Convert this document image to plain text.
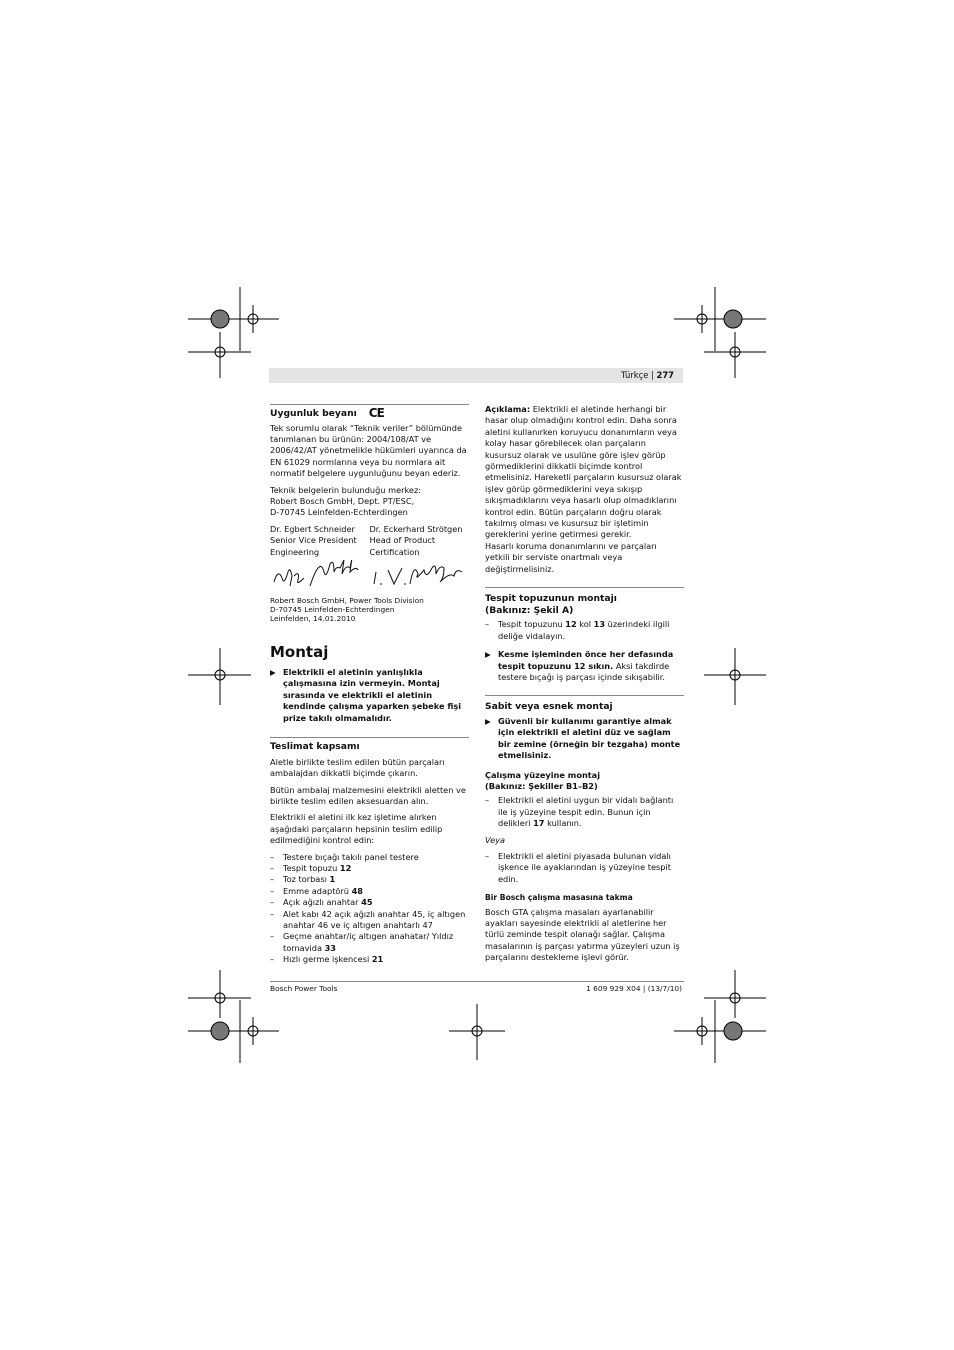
Türkçe | 277
Uygunluk beyanı CE

Tek sorumlu olarak “Teknik veriler” bölümünde tanımlanan bu ürünün: 2004/108/AT ve 2006/42/AT yönetmelikle hükümleri uyarınca da EN 61029 normlarına veya bu normlara ait normatif belgelere uygunluğunu beyan ederiz.

Teknik belgelerin bulunduğu merkez:
Robert Bosch GmbH, Dept. PT/ESC,
D-70745 Leinfelden-Echterdingen

Dr. Egbert Schneider
Senior Vice President
Engineering
Dr. Eckerhard Strötgen
Head of Product
Certification
Robert Bosch GmbH, Power Tools Division
D-70745 Leinfelden-Echterdingen
Leinfelden, 14.01.2010
Montaj
▶ Elektrikli el aletinin yanlışlıkla çalışmasına izin vermeyin. Montaj sırasında ve elektrikli el aletinin kendinde çalışma yaparken şebeke fişi prize takılı olmamalıdır.
Teslimat kapsamı

Aletle birlikte teslim edilen bütün parçaları ambalajdan dikkatli biçimde çıkarın.

Bütün ambalaj malzemesini elektrikli aletten ve birlikte teslim edilen aksesuardan alın.

Elektrikli el aletini ilk kez işletime alırken aşağıdaki parçaların hepsinin teslim edilip edilmediğini kontrol edin:

– Testere bıçağı takılı panel testere
– Tespit topuzu 12
– Toz torbası 1
– Emme adaptörü 48
– Açık ağızlı anahtar 45
– Alet kabı 42 açık ağızlı anahtar 45, iç altıgen anahtar 46 ve iç altıgen anahtarlı 47
– Geçme anahtar/iç altıgen anahatar/ Yıldız tornavida 33
– Hızlı germe işkencesi 21

Açıklama: Elektrikli el aletinde herhangi bir hasar olup olmadığını kontrol edin. Daha sonra aletini kullanırken koruyucu donanımların veya kolay hasar görebilecek olan parçaların kusursuz olarak ve usulüne göre işlev görüp görmediklerini dikkatli biçimde kontrol etmelisiniz. Hareketli parçaların kusursuz olarak işlev görüp görmediklerini veya sıkışıp sıkışmadıklarını veya hasarlı olup olmadıklarını kontrol edin. Bütün parçaların doğru olarak takılmış olması ve kusursuz bir işletimin gereklerini yerine getirmesi gerekir.

Hasarlı koruma donanımlarını ve parçaları yetkili bir serviste onartmalı veya değiştirmelisiniz.

Tespit topuzunun montajı
(Bakınız: Şekil A)
– Tespit topuzunu 12 kol 13 üzerindeki ilgili deliğe vidalayın.
▶ Kesme işleminden önce her defasında tespit topuzunu 12 sıkın. Aksi takdirde testere bıçağı iş parçası içinde sıkışabilir.
Sabit veya esnek montaj
▶ Güvenli bir kullanımı garantiye almak için elektrikli el aletini düz ve sağlam bir zemine (örneğin bir tezgaha) monte etmelisiniz.
Çalışma yüzeyine montaj
(Bakınız: Şekiller B1–B2)
– Elektrikli el aletini uygun bir vidalı bağlantı ile iş yüzeyine tespit edin. Bunun için delikleri 17 kullanın.

Veya

– Elektrikli el aletini piyasada bulunan vidalı işkence ile ayaklarından iş yüzeyine tespit edin.
Bir Bosch çalışma masasına takma

Bosch GTA çalışma masaları ayarlanabilir ayakları sayesinde elektrikli al aletlerine her türlü zeminde tespit olanağı sağlar. Çalışma masalarının iş parçası yatırma yüzeyleri uzun iş parçalarını destekleme işlevi görür.

Bosch Power Tools	1 609 929 X04 | (13/7/10)
